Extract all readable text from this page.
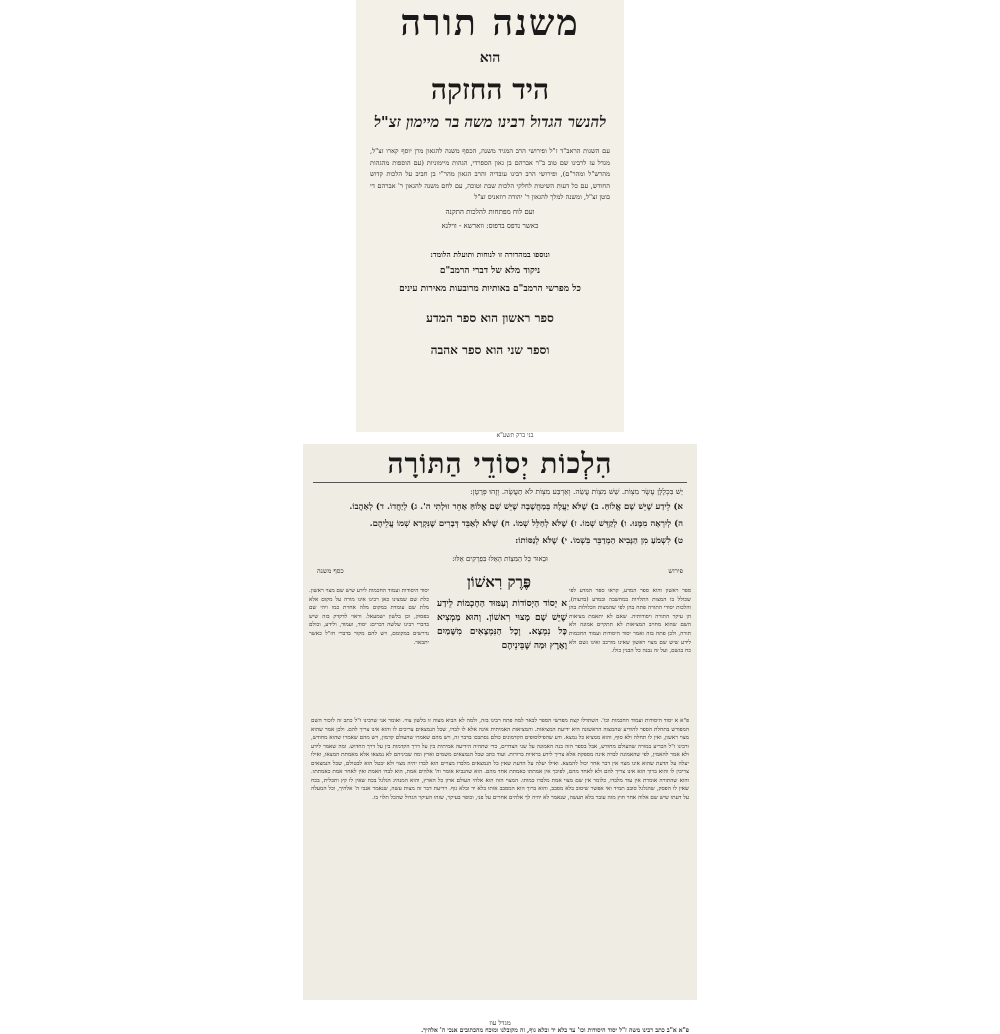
משנה תורה
הוא
היד החזקה
להנשר הגדול רבינו משה בר מיימון זצ"ל
עם השגות הראב"ד ז"ל ופירושי הרב המגיד משנה, הכסף משנה להגאון מרן יוסף קארו זצ"ל, מגדל עז לרבינו שם טוב ב"ר אברהם בן גאון הספרדי, הגהות מיימוניות (עם הוספות מהגהות מהרש"ל ומהר"ם), ופירושי הרב רבינו עובדיה והרב הגאון מהר"י בן חביב על הלכות קדוש החודש, עם כל דעות השיטות לחלקי הלכות שבת וטוכה, עם לחם משנה להגאון ר' אברהם די בוטן זצ"ל, ומשנה למלך להגאון ר' יהודה רוזאניס זצ"ל
ועם לוח מפתחות להלכות התקנה
כאשר נדפס בדפוס: ווארשא - ווילנא
ונוספו במהדורה זו לנוחות ותועלת הלומד:
ניקוד מלא של דברי הרמב"ם
כל מפרשי הרמב"ם באותיות מרובעות מאירות עינים
ספר ראשון הוא ספר המדע
וספר שני הוא ספר אהבה
בני ברק תשע"א
הִלְכוֹת יְסוֹדֵי הַתּוֹרָה
יֵשׁ בִּכְלָלָן עֶשֶׂר מִצְוֹת. שֵׁשׁ מִצְוֹת עֲשֵׂה. וְאַרְבַּע מִצְוֹת לֹא תַעֲשֶׂה. וְזֶהוּ פְּרָטָן:
א) לֵידַע שֶׁיֵּשׁ שָׁם אֱלוֹהַּ. ב) שֶׁלֹּא יַעֲלֶה בְּמַחֲשָׁבָה שֶׁיֵּשׁ שָׁם אֱלוֹהַּ אַחֵר זוּלָתִי ה'. ג) לְיַחֲדוֹ. ד) לְאַהֲבוֹ.
ה) לְיִרְאָה מִמֶּנּוּ. ו) לְקַדֵּשׁ שְׁמוֹ. ז) שֶׁלֹּא לְחַלֵּל שְׁמוֹ. ח) שֶׁלֹּא לְאַבֵּד דְּבָרִים שֶׁנִּקְרָא שְׁמוֹ עֲלֵיהֶם.
ט) לִשְׁמֹעַ מִן הַנָּבִיא הַמְדַבֵּר בִּשְׁמוֹ. י) שֶׁלֹּא לְנַסּוֹתוֹ:
וּבֵאוּר כָּל הַמִּצְוֹת הָאֵלּוּ בִּפְרָקִים אֵלּוּ:
פירוש
כסף משנה
פֶּרֶק רִאשׁוֹן	ספר ראשון והוא ספר המדע, קראו ספר המדע לפי שכולל בו המצות התלויות במחשבה ובמדע (בדעות), והלכות יסודי התורה פתח בהן לפי שהמצות הכלולות בהן הן עיקר התורה ויסודותיה. שאם לא יתאמת מציאות השם שהוא מחויב המציאות לא תתקיים אמונה ולא תורה, ולכן פתח בזה ואמר יסוד היסודות ועמוד החכמות לידע שיש שם מצוי ראשון שאינו מורכב ואינו גשם ולא כח בגשם, ועל זה נבנה כל הבנין כולו.
א יְסוֹד הַיְסוֹדוֹת וְעַמּוּד הַחָכְמוֹת לֵידַע שֶׁיֵּשׁ שָׁם מָצוּי רִאשׁוֹן. וְהוּא מַמְצִיא כָּל נִמְצָא. וְכָל הַנִּמְצָאִים מִשָּׁמַיִם וָאָרֶץ וּמַה שֶּׁבֵּינֵיהֶם
יסוד היסודות ועמוד החכמות לידע שיש שם מצוי ראשון. כלת שם שמצינו כאן רבינו אינו מורה על מקום אלא מלת שם עומדת במקום מלה אחרת כמו ויהי שם בפסוק, וכן בלשון ישמעאל. וראוי לדקדק בזה שיש בדברי רבינו שלשה דברים: יסוד, ועמוד, ולידע, וכולם נדרשים במקומם, ויש להם מקור בדברי חז"ל כאשר יתבאר.
פ"א א יסוד היסודות ועמוד החכמות וכו'. השתדלו קצת מפרשי הספר לבאר למה פתח רבינו בזה, ולמה לא הביא מצוה זו בלשון צווי. ואומר אני שרבינו ז"ל כתב זה לזכור השם המפורש בתחלת הספר להודיע שהמצוה הראשונה היא ידיעת המציאות. והמציאות האמיתית אינה אלא לו לבדו, שכל הנמצאים צריכים לו והוא אינו צריך להם. ולכן אמר שהוא מצוי ראשון, ואין לו תחלה ולא סוף, והוא ממציא כל נמצא. ודע שהפילוסופים הקדמונים כולם נסתבכו בדבר זה, ויש מהם שאמרו שהעולם קדמון, ויש מהם שאמרו שהוא מחודש, ורבינו ז"ל הכריע במורה שהעולם מחודש, אבל בספר הזה בנה האמונה על שני הצדדים, כדי שתהיה הידיעה אמיתית בין על דרך הקדמות בין על דרך החדוש. ומה שאמר לידע ולא אמר להאמין, לפי שהאמונה לבדה אינה מספקת אלא צריך לידע בראיות ברורות. ועוד כתב שכל הנמצאים משמים וארץ ומה שביניהם לא נמצאו אלא מאמתת המצאו, ואילו יעלה על הדעת שהוא אינו מצוי אין דבר אחר יכול להמצא. ואילו יעלה על הדעת שאין כל הנמצאים מלבדו מצויים הוא לבדו יהיה מצוי ולא יבטל הוא לבטולם, שכל הנמצאים צריכין לו והוא ברוך הוא אינו צריך להם ולא לאחד מהם, לפיכך אין אמתתו כאמתת אחד מהם. הוא שהנביא אומר וה' אלהים אמת, הוא לבדו האמת ואין לאחר אמת כאמתתו. והוא שהתורה אומרת אין עוד מלבדו, כלומר אין שם מצוי אמת מלבדו כמותו. המצוי הזה הוא אלהי העולם אדון כל הארץ, והוא המנהיג הגלגל בכח שאין לו קץ ותכלית, בכח שאין לו הפסק, שהגלגל סובב תמיד ואי אפשר שיסוב בלא מסבב, והוא ברוך הוא המסבב אותו בלא יד ובלא גוף. וידיעת דבר זה מצות עשה, שנאמר אנכי ה' אלהיך, וכל המעלה על דעתו שיש שם אלוה אחר חוץ מזה עובר בלא תעשה, שנאמר לא יהיה לך אלהים אחרים על פני, וכופר בעיקר, שזהו העיקר הגדול שהכל תלוי בו.
מגדל עוז
פ"א א"ב כתב רבינו משה ז"ל יסוד היסודות וכו' עד בלא יד ובלא גוף, זה מקובלנו ומוכח מהכתובים אנכי ה' אלהיך.
